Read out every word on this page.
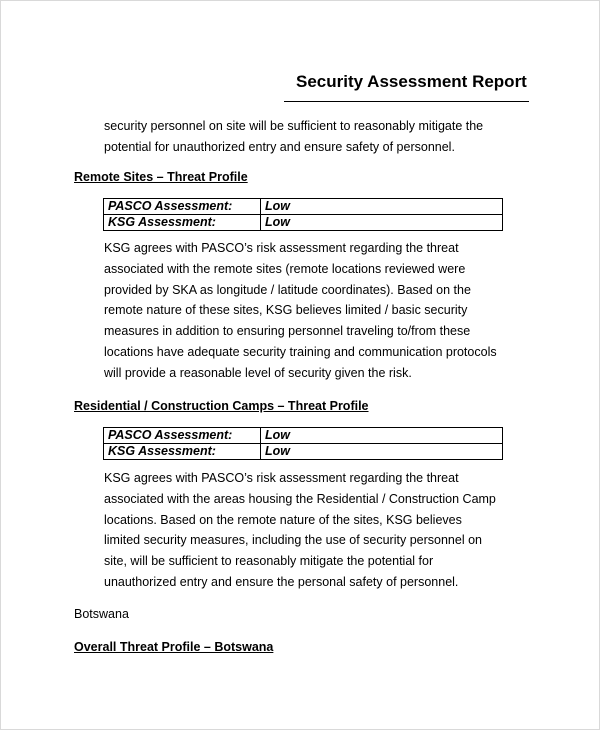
Security Assessment Report
security personnel on site will be sufficient to reasonably mitigate the
potential for unauthorized entry and ensure safety of personnel.
Remote Sites – Threat Profile
PASCO Assessment:	Low
KSG Assessment:	Low
KSG agrees with PASCO’s risk assessment regarding the threat
associated with the remote sites (remote locations reviewed were
provided by SKA as longitude / latitude coordinates). Based on the
remote nature of these sites, KSG believes limited / basic security
measures in addition to ensuring personnel traveling to/from these
locations have adequate security training and communication protocols
will provide a reasonable level of security given the risk.
Residential / Construction Camps – Threat Profile
PASCO Assessment:	Low
KSG Assessment:	Low
KSG agrees with PASCO’s risk assessment regarding the threat
associated with the areas housing the Residential / Construction Camp
locations. Based on the remote nature of the sites, KSG believes
limited security measures, including the use of security personnel on
site, will be sufficient to reasonably mitigate the potential for
unauthorized entry and ensure the personal safety of personnel.
Botswana
Overall Threat Profile – Botswana
